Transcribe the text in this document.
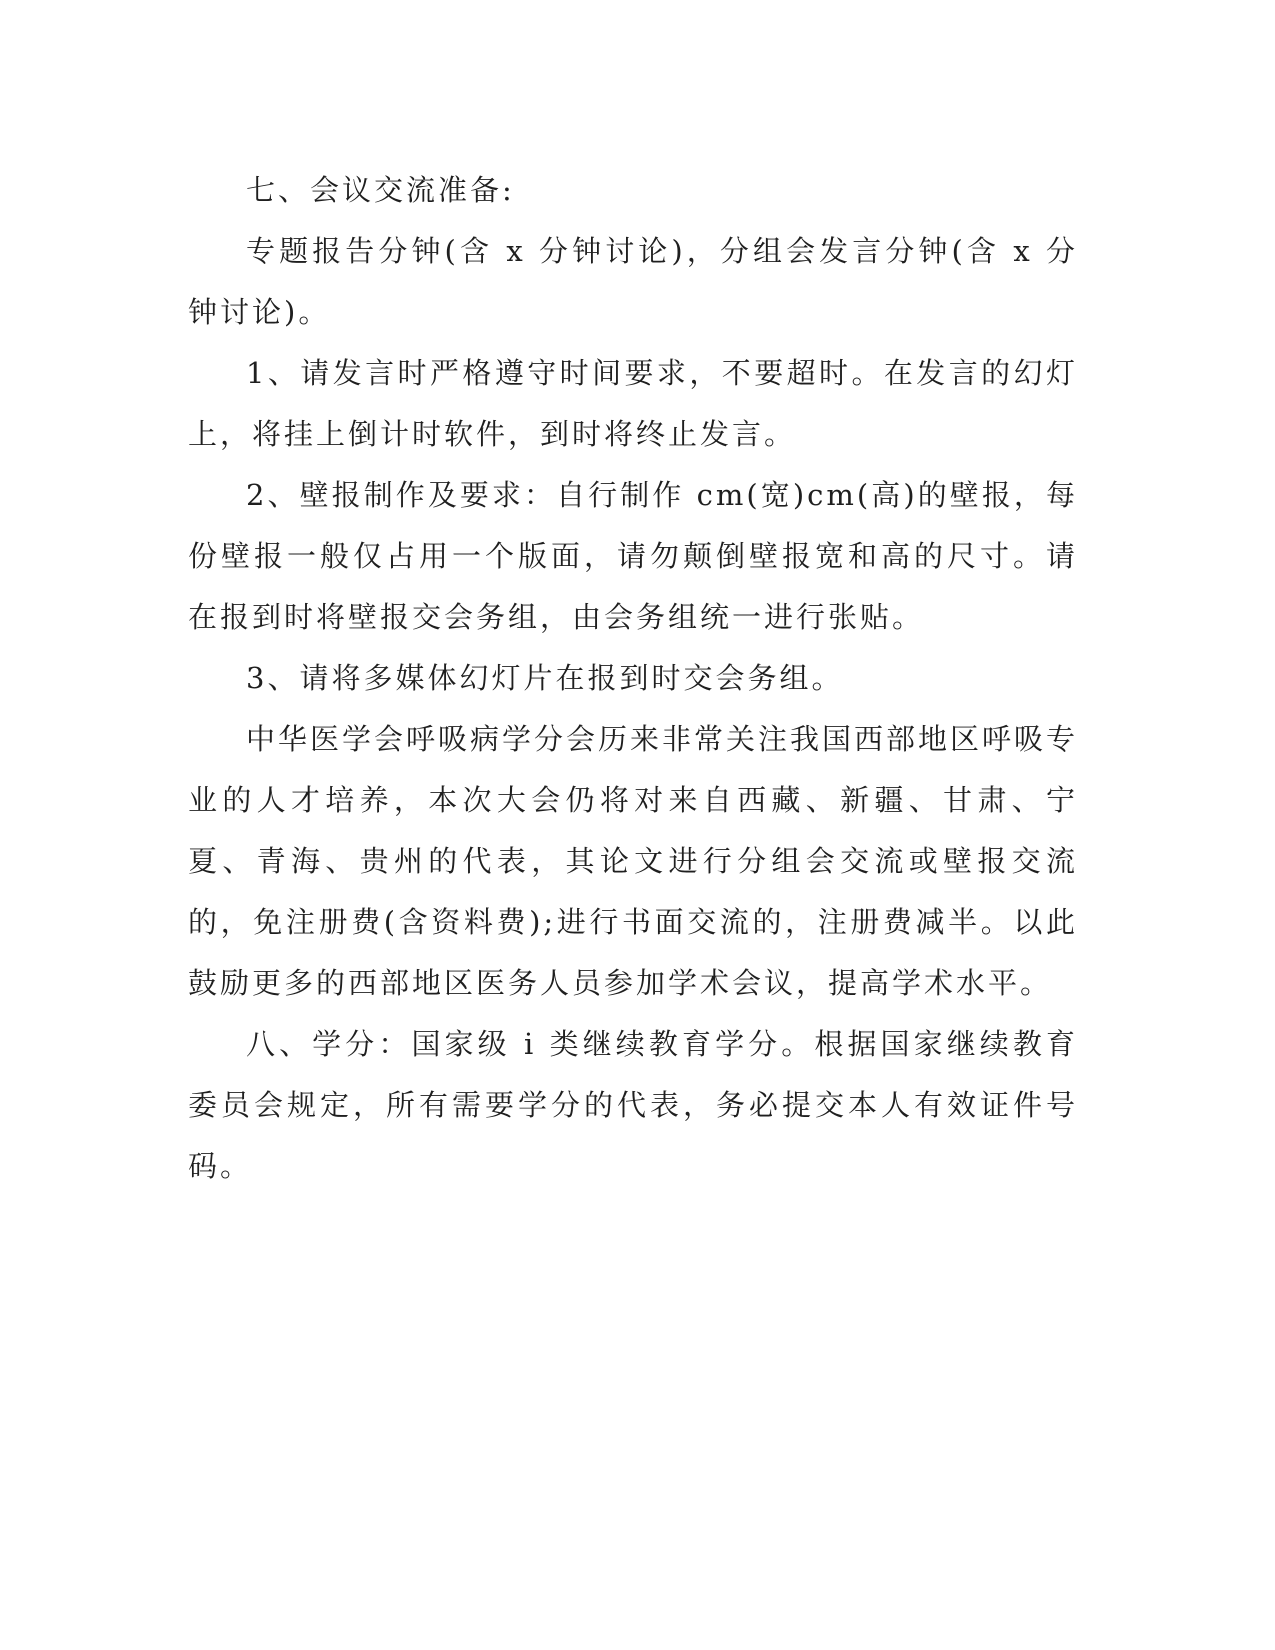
七、会议交流准备:

专题报告分钟(含 x 分钟讨论)，分组会发言分钟(含 x 分钟讨论)。

1、请发言时严格遵守时间要求，不要超时。在发言的幻灯上，将挂上倒计时软件，到时将终止发言。

2、壁报制作及要求：自行制作 cm(宽)cm(高)的壁报，每份壁报一般仅占用一个版面，请勿颠倒壁报宽和高的尺寸。请在报到时将壁报交会务组，由会务组统一进行张贴。

3、请将多媒体幻灯片在报到时交会务组。

中华医学会呼吸病学分会历来非常关注我国西部地区呼吸专业的人才培养，本次大会仍将对来自西藏、新疆、甘肃、宁夏、青海、贵州的代表，其论文进行分组会交流或壁报交流的，免注册费(含资料费);进行书面交流的，注册费减半。以此鼓励更多的西部地区医务人员参加学术会议，提高学术水平。

八、学分：国家级 i 类继续教育学分。根据国家继续教育委员会规定，所有需要学分的代表，务必提交本人有效证件号码。
